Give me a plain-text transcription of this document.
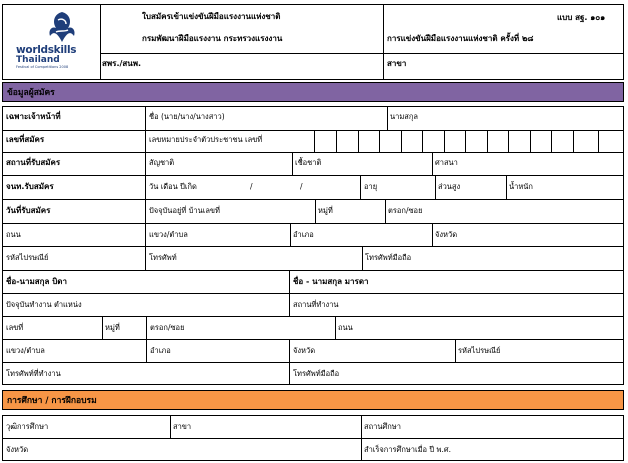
worldskills
Thailand
Festival of Competitions 2008
ใบสมัครเข้าแข่งขันฝีมือแรงงานแห่งชาติ
กรมพัฒนาฝีมือแรงงาน กระทรวงแรงงาน
สพร./สนพ.
แบบ สฐ. ๑๐๑
การแข่งขันฝีมือแรงงานแห่งชาติ ครั้งที่ ๒๘
สาขา
ข้อมูลผู้สมัคร
เฉพาะเจ้าหน้าที่	ชื่อ (นาย/นาง/นางสาว)	นามสกุล
เลขที่สมัคร	เลขหมายประจำตัวประชาชน เลขที่
สถานที่รับสมัคร	สัญชาติ	เชื้อชาติ	ศาสนา
จนท.รับสมัคร	วัน เดือน ปีเกิด	/	/	อายุ	ส่วนสูง	น้ำหนัก
วันที่รับสมัคร	ปัจจุบันอยู่ที่ บ้านเลขที่	หมู่ที่	ตรอก/ซอย
ถนน	แขวง/ตำบล	อำเภอ	จังหวัด
รหัสไปรษณีย์	โทรศัพท์	โทรศัพท์มือถือ
ชื่อ-นามสกุล บิดา	ชื่อ - นามสกุล มารดา
ปัจจุบันทำงาน ตำแหน่ง	สถานที่ทำงาน
เลขที่	หมู่ที่	ตรอก/ซอย	ถนน
แขวง/ตำบล	อำเภอ	จังหวัด	รหัสไปรษณีย์
โทรศัพท์ที่ทำงาน	โทรศัพท์มือถือ
การศึกษา / การฝึกอบรม
วุฒิการศึกษา	สาขา	สถานศึกษา
จังหวัด	สำเร็จการศึกษาเมื่อ ปี พ.ศ.
